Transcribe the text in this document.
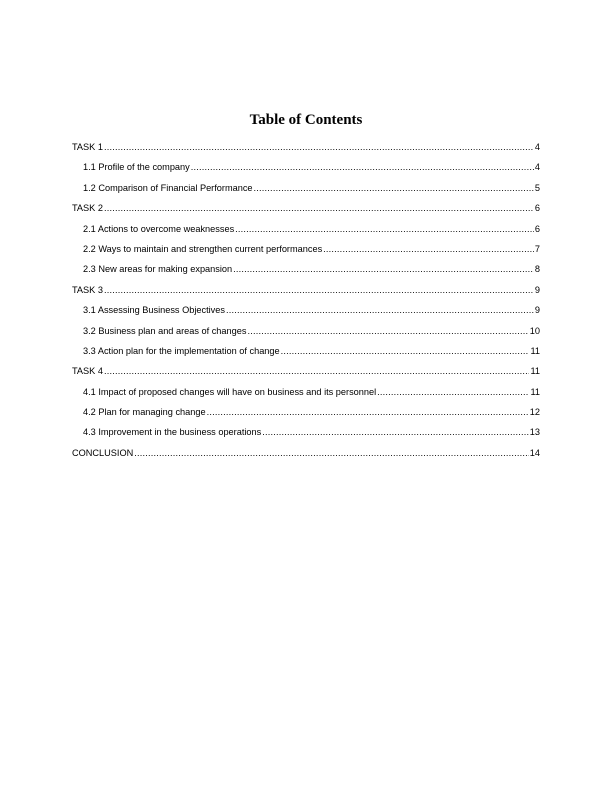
Table of Contents
TASK 1 .....	4
1.1 Profile of the company .....	4
1.2 Comparison of Financial Performance .....	5
TASK 2 .....	6
2.1 Actions to overcome weaknesses .....	6
2.2 Ways to maintain and strengthen current performances .....	7
2.3 New areas for making expansion .....	8
TASK 3 .....	9
3.1 Assessing Business Objectives .....	9
3.2 Business plan and areas of changes .....	10
3.3 Action plan for the implementation of change .....	11
TASK 4 .....	11
4.1 Impact of proposed changes will have on business and its personnel .....	11
4.2 Plan for managing change .....	12
4.3 Improvement in the business operations .....	13
CONCLUSION .....	14
